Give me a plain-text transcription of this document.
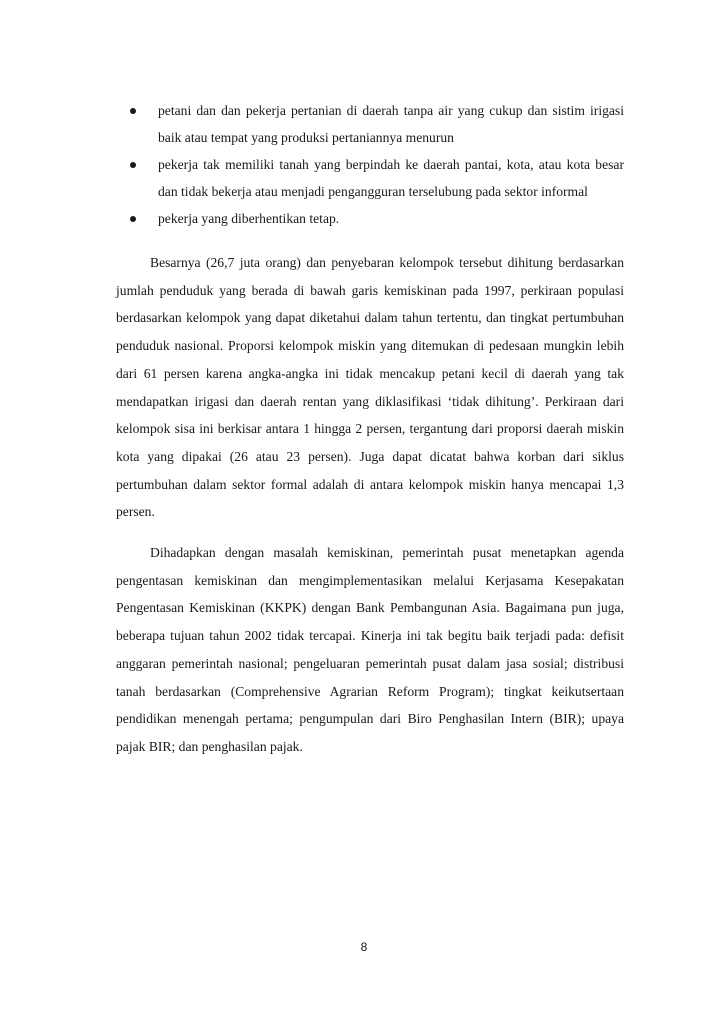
petani dan dan pekerja pertanian di daerah tanpa air yang cukup dan sistim irigasi baik atau tempat yang produksi pertaniannya menurun
pekerja tak memiliki tanah yang berpindah ke daerah pantai, kota, atau kota besar dan tidak bekerja atau menjadi pengangguran terselubung pada sektor informal
pekerja yang diberhentikan tetap.

Besarnya (26,7 juta orang) dan penyebaran kelompok tersebut dihitung berdasarkan jumlah penduduk yang berada di bawah garis kemiskinan pada 1997, perkiraan populasi berdasarkan kelompok yang dapat diketahui dalam tahun tertentu, dan tingkat pertumbuhan penduduk nasional. Proporsi kelompok miskin yang ditemukan di pedesaan mungkin lebih dari 61 persen karena angka-angka ini tidak mencakup petani kecil di daerah yang tak mendapatkan irigasi dan daerah rentan yang diklasifikasi ‘tidak dihitung’. Perkiraan dari kelompok sisa ini berkisar antara 1 hingga 2 persen, tergantung dari proporsi daerah miskin kota yang dipakai (26 atau 23 persen). Juga dapat dicatat bahwa korban dari siklus pertumbuhan dalam sektor formal adalah di antara kelompok miskin hanya mencapai 1,3 persen.

Dihadapkan dengan masalah kemiskinan, pemerintah pusat menetapkan agenda pengentasan kemiskinan dan mengimplementasikan melalui Kerjasama Kesepakatan Pengentasan Kemiskinan (KKPK) dengan Bank Pembangunan Asia. Bagaimana pun juga, beberapa tujuan tahun 2002 tidak tercapai. Kinerja ini tak begitu baik terjadi pada: defisit anggaran pemerintah nasional; pengeluaran pemerintah pusat dalam jasa sosial; distribusi tanah berdasarkan (Comprehensive Agrarian Reform Program); tingkat keikutsertaan pendidikan menengah pertama; pengumpulan dari Biro Penghasilan Intern (BIR); upaya pajak BIR; dan penghasilan pajak.

8
